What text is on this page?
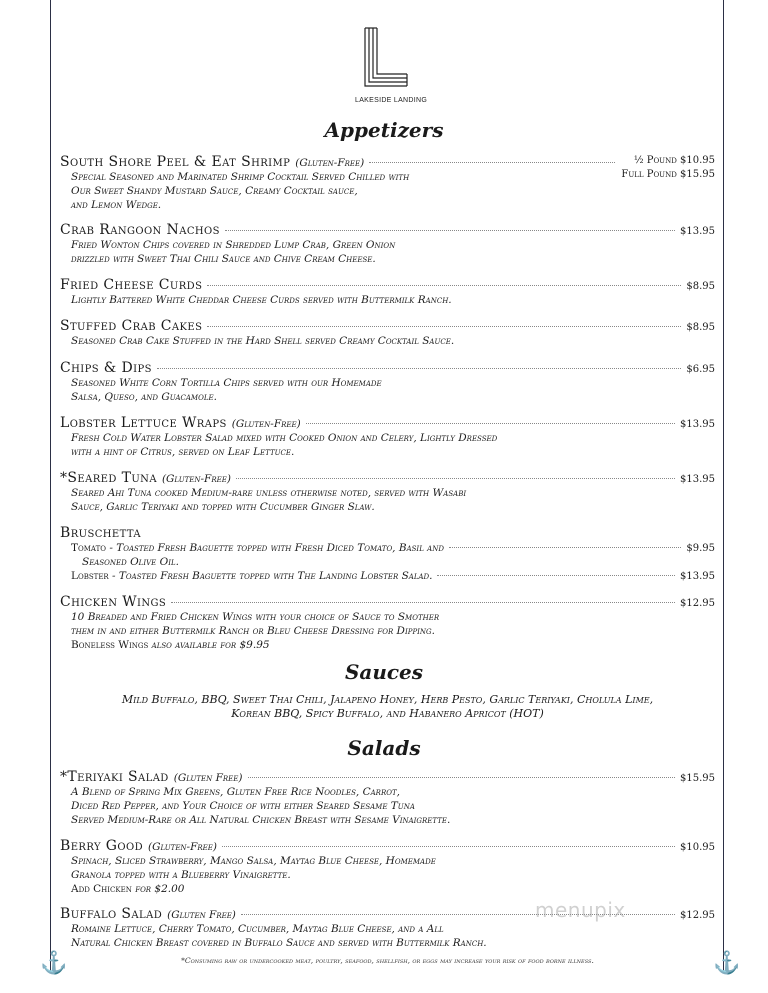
⚓	⚓
LAKESIDE LANDING
Appetizers
South Shore Peel & Eat Shrimp (Gluten-Free)	½ Pound $10.95
Full Pound $15.95
Special Seasoned and Marinated Shrimp Cocktail Served Chilled with
Our Sweet Shandy Mustard Sauce, Creamy Cocktail sauce,
and Lemon Wedge.
Crab Rangoon Nachos	$13.95
Fried Wonton Chips covered in Shredded Lump Crab, Green Onion
drizzled with Sweet Thai Chili Sauce and Chive Cream Cheese.
Fried Cheese Curds	$8.95
Lightly Battered White Cheddar Cheese Curds served with Buttermilk Ranch.
Stuffed Crab Cakes	$8.95
Seasoned Crab Cake Stuffed in the Hard Shell served Creamy Cocktail Sauce.
Chips & Dips	$6.95
Seasoned White Corn Tortilla Chips served with our Homemade
Salsa, Queso, and Guacamole.
Lobster Lettuce Wraps (Gluten-Free)	$13.95
Fresh Cold Water Lobster Salad mixed with Cooked Onion and Celery, Lightly Dressed
with a hint of Citrus, served on Leaf Lettuce.
*Seared Tuna (Gluten-Free)	$13.95
Seared Ahi Tuna cooked Medium-rare unless otherwise noted, served with Wasabi
Sauce, Garlic Teriyaki and topped with Cucumber Ginger Slaw.
Bruschetta
Tomato - Toasted Fresh Baguette topped with Fresh Diced Tomato, Basil and	$9.95
Seasoned Olive Oil.
Lobster - Toasted Fresh Baguette topped with The Landing Lobster Salad.	$13.95
Chicken Wings	$12.95
10 Breaded and Fried Chicken Wings with your choice of Sauce to Smother
them in and either Buttermilk Ranch or Bleu Cheese Dressing for Dipping.
Boneless Wings also available for $9.95
Sauces
Mild Buffalo, BBQ, Sweet Thai Chili, Jalapeno Honey, Herb Pesto, Garlic Teriyaki, Cholula Lime,
Korean BBQ, Spicy Buffalo, and Habanero Apricot (HOT)
Salads
*Teriyaki Salad (Gluten Free)	$15.95
A Blend of Spring Mix Greens, Gluten Free Rice Noodles, Carrot,
Diced Red Pepper, and Your Choice of with either Seared Sesame Tuna
Served Medium-Rare or All Natural Chicken Breast with Sesame Vinaigrette.
Berry Good (Gluten-Free)	$10.95
Spinach, Sliced Strawberry, Mango Salsa, Maytag Blue Cheese, Homemade
Granola topped with a Blueberry Vinaigrette.
Add Chicken for $2.00
Buffalo Salad (Gluten Free)	$12.95
Romaine Lettuce, Cherry Tomato, Cucumber, Maytag Blue Cheese, and a All
Natural Chicken Breast covered in Buffalo Sauce and served with Buttermilk Ranch.
menupix
*Consuming raw or undercooked meat, poultry, seafood, shellfish, or eggs may increase your risk of food borne illness.
